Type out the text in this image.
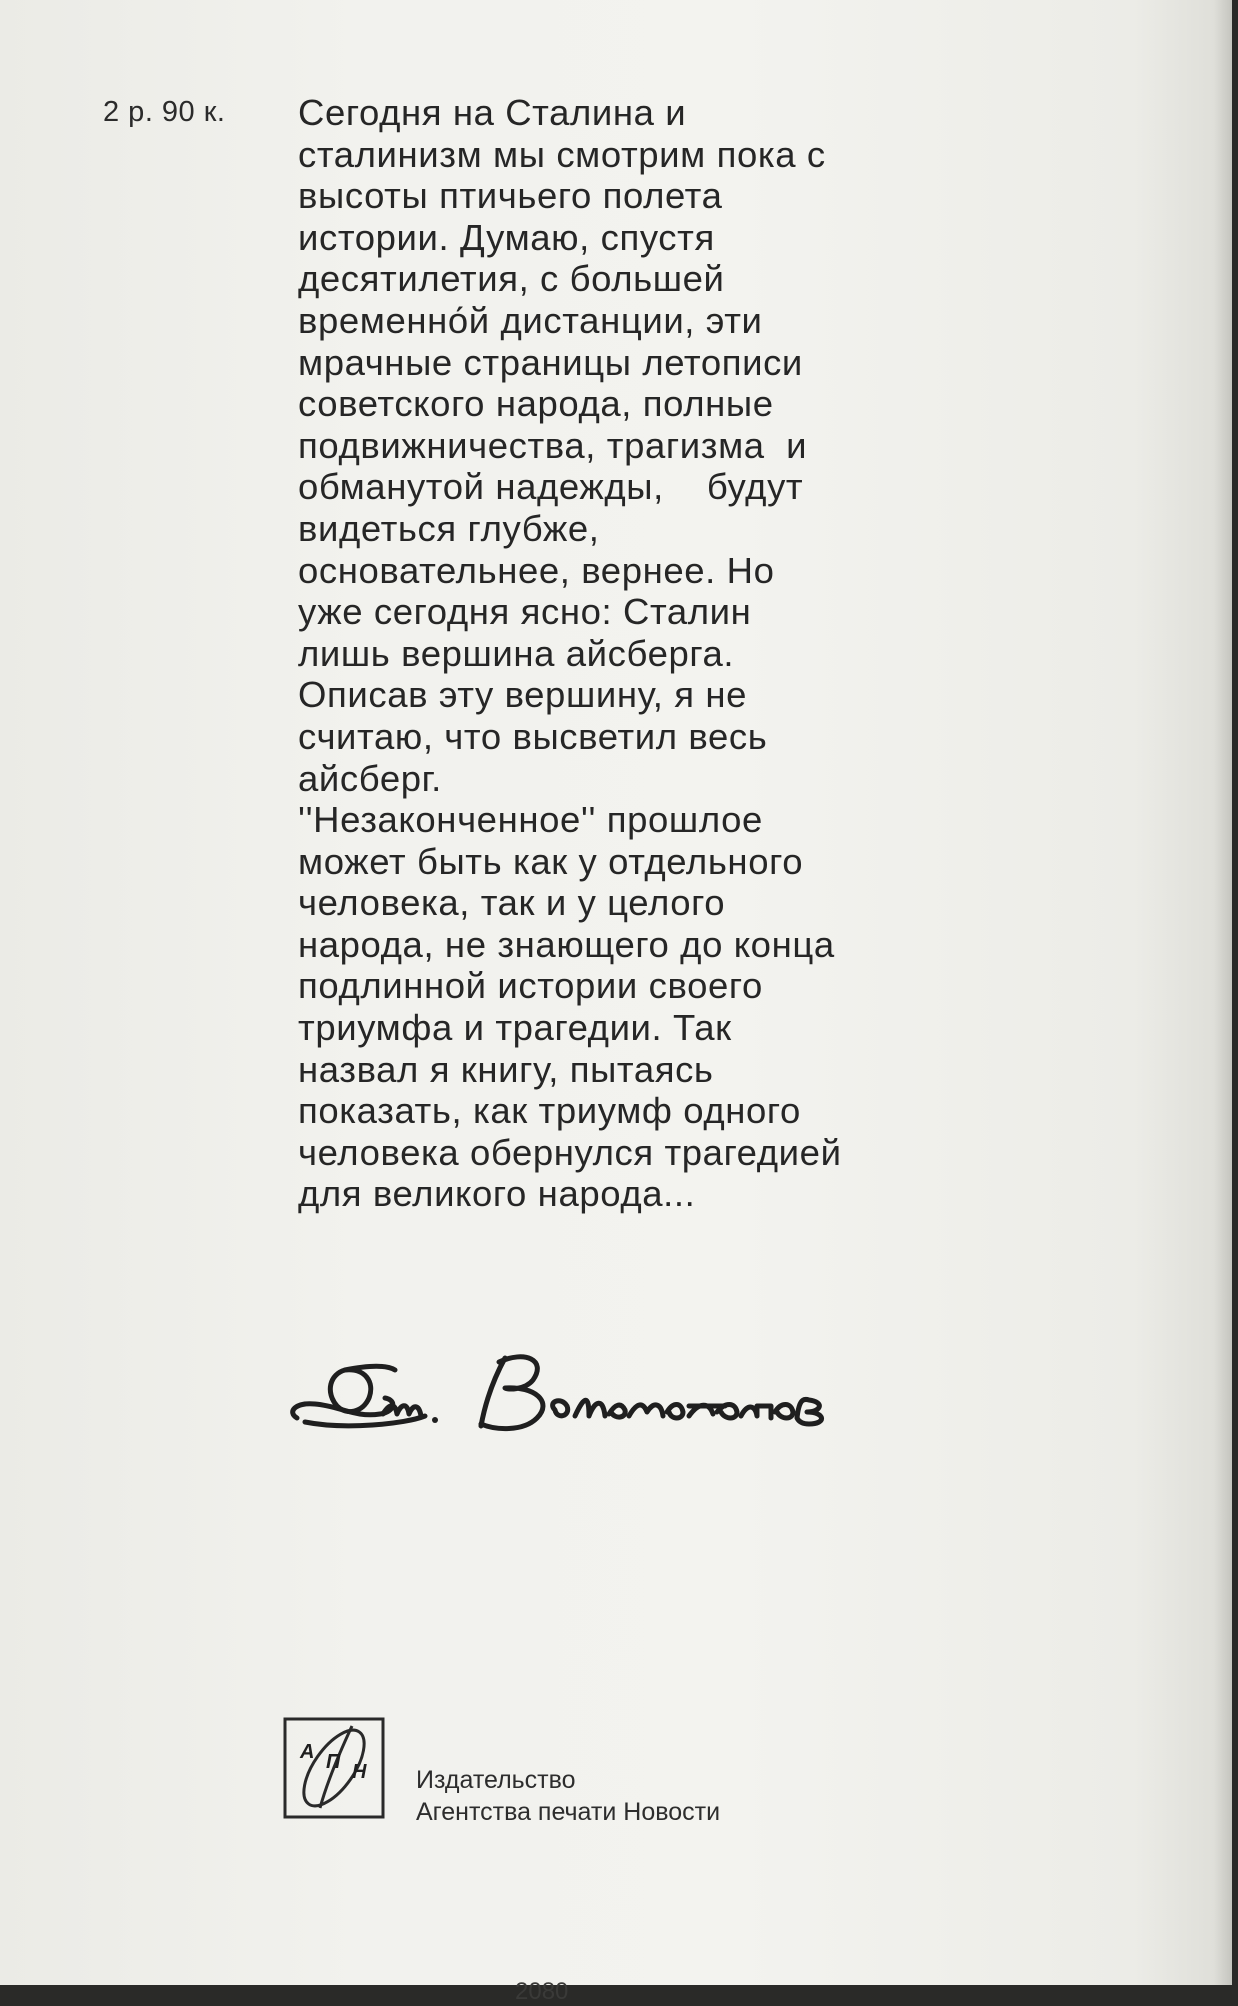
2 р. 90 к. Сегодня на Сталина и
сталинизм мы смотрим пока с
высоты птичьего полета
истории. Думаю, спустя
десятилетия, с большей
временно́й дистанции, эти
мрачные страницы летописи
советского народа, полные
подвижничества, трагизма  и
обманутой надежды,    будут
видеться глубже,
основательнее, вернее. Но
уже сегодня ясно: Сталин
лишь вершина айсберга.
Описав эту вершину, я не
считаю, что высветил весь
айсберг.
''Незаконченное'' прошлое
может быть как у отдельного
человека, так и у целого
народа, не знающего до конца
подлинной истории своего
триумфа и трагедии. Так
назвал я книгу, пытаясь
показать, как триумф одного
человека обернулся трагедией
для великого народа...
А П Н Издательство
Агентства печати Новости
2080
